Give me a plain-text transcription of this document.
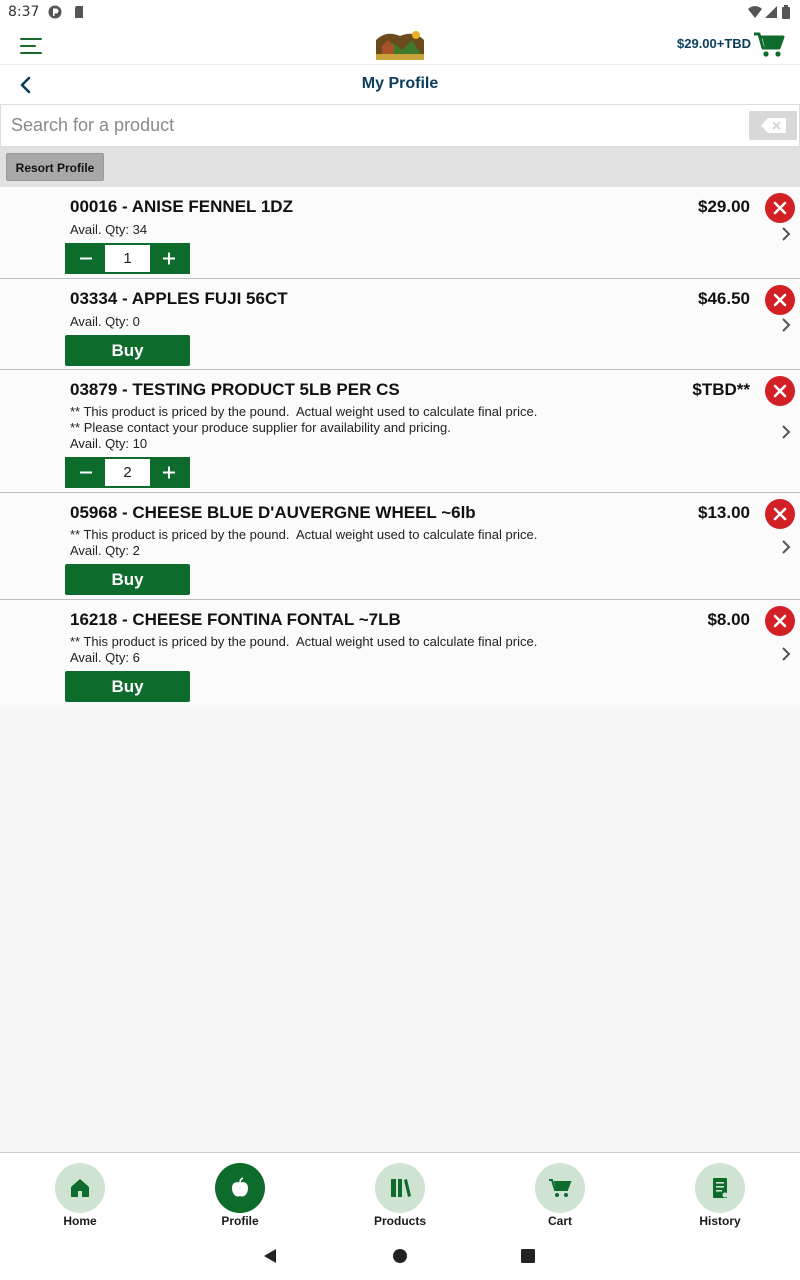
8:37
$29.00+TBD
My Profile
Search for a product
Resort Profile
00016 - ANISE FENNEL 1DZ	$29.00
Avail. Qty: 34
1
03334 - APPLES FUJI 56CT	$46.50
Avail. Qty: 0
Buy
03879 - TESTING PRODUCT 5LB PER CS	$TBD**
** This product is priced by the pound.  Actual weight used to calculate final price.
** Please contact your produce supplier for availability and pricing.
Avail. Qty: 10
2
05968 - CHEESE BLUE D'AUVERGNE WHEEL ~6lb	$13.00
** This product is priced by the pound.  Actual weight used to calculate final price.
Avail. Qty: 2
Buy
16218 - CHEESE FONTINA FONTAL ~7LB	$8.00
** This product is priced by the pound.  Actual weight used to calculate final price.
Avail. Qty: 6
Buy
Home	Profile	Products	Cart	History
